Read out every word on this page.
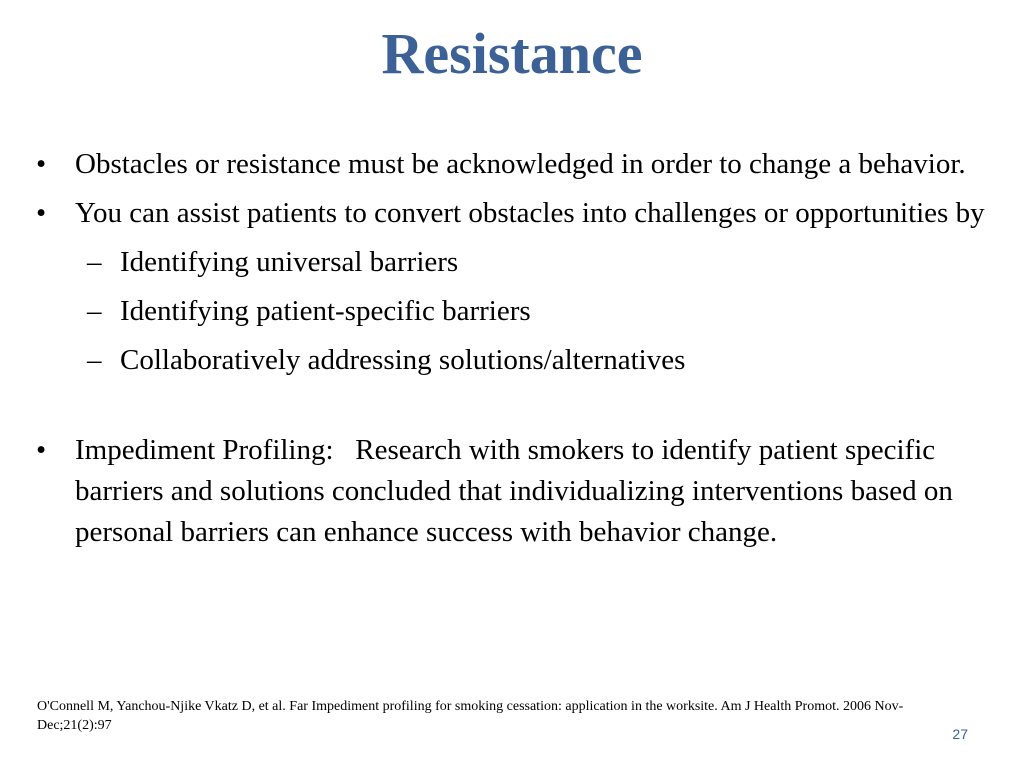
Resistance
• Obstacles or resistance must be acknowledged in order to change a behavior.
• You can assist patients to convert obstacles into challenges or opportunities by
– Identifying universal barriers
– Identifying patient-specific barriers
– Collaboratively addressing solutions/alternatives
• Impediment Profiling:   Research with smokers to identify patient specific barriers and solutions concluded that individualizing interventions based on personal barriers can enhance success with behavior change.
O'Connell M, Yanchou-Njike Vkatz D, et al. Far Impediment profiling for smoking cessation: application in the worksite. Am J Health Promot. 2006 Nov-Dec;21(2):97
27
